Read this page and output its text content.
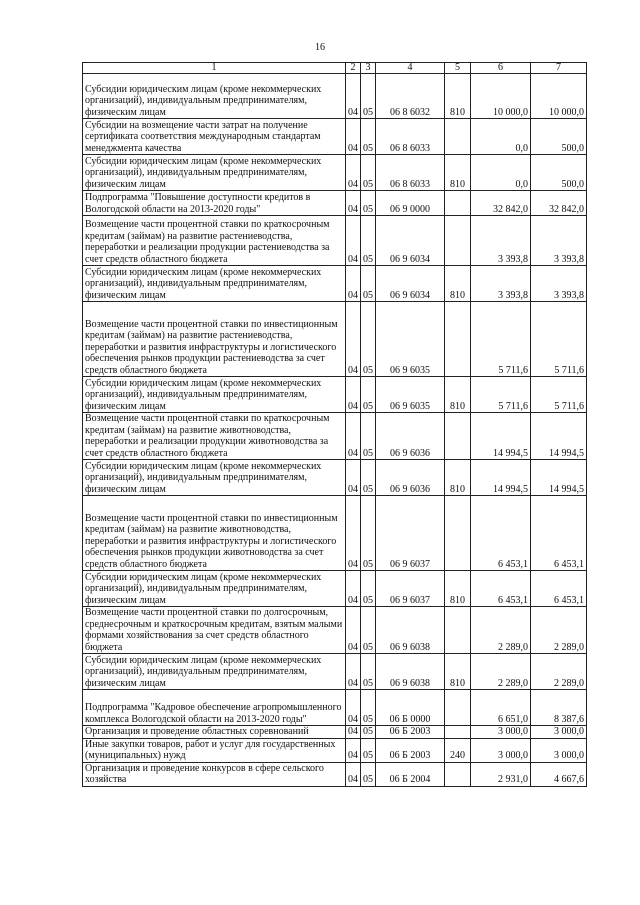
16
1	2	3	4	5	6	7
Субсидии юридическим лицам (кроме некоммерческих организаций), индивидуальным предпринимателям, физическим лицам	04	05	06 8 6032	810	10 000,0	10 000,0
Субсидии на возмещение части затрат на получение сертификата соответствия международным стандартам менеджмента качества	04	05	06 8 6033		0,0	500,0
Субсидии юридическим лицам (кроме некоммерческих организаций), индивидуальным предпринимателям, физическим лицам	04	05	06 8 6033	810	0,0	500,0
Подпрограмма "Повышение доступности кредитов в Вологодской области на 2013-2020 годы"	04	05	06 9 0000		32 842,0	32 842,0
Возмещение части процентной ставки по краткосрочным кредитам (займам) на развитие растениеводства, переработки и реализации продукции растениеводства за счет средств областного бюджета	04	05	06 9 6034		3 393,8	3 393,8
Субсидии юридическим лицам (кроме некоммерческих организаций), индивидуальным предпринимателям, физическим лицам	04	05	06 9 6034	810	3 393,8	3 393,8
Возмещение части процентной ставки по инвестиционным кредитам (займам) на развитие растениеводства, переработки и развития инфраструктуры и логистического обеспечения рынков продукции растениеводства за счет средств областного бюджета	04	05	06 9 6035		5 711,6	5 711,6
Субсидии юридическим лицам (кроме некоммерческих организаций), индивидуальным предпринимателям, физическим лицам	04	05	06 9 6035	810	5 711,6	5 711,6
Возмещение части процентной ставки по краткосрочным кредитам (займам) на развитие животноводства, переработки и реализации продукции животноводства за счет средств областного бюджета	04	05	06 9 6036		14 994,5	14 994,5
Субсидии юридическим лицам (кроме некоммерческих организаций), индивидуальным предпринимателям, физическим лицам	04	05	06 9 6036	810	14 994,5	14 994,5
Возмещение части процентной ставки по инвестиционным кредитам (займам) на развитие животноводства, переработки и развития инфраструктуры и логистического обеспечения рынков продукции животноводства за счет средств областного бюджета	04	05	06 9 6037		6 453,1	6 453,1
Субсидии юридическим лицам (кроме некоммерческих организаций), индивидуальным предпринимателям, физическим лицам	04	05	06 9 6037	810	6 453,1	6 453,1
Возмещение части процентной ставки по долгосрочным, среднесрочным и краткосрочным кредитам, взятым малыми формами хозяйствования за счет средств областного бюджета	04	05	06 9 6038		2 289,0	2 289,0
Субсидии юридическим лицам (кроме некоммерческих организаций), индивидуальным предпринимателям, физическим лицам	04	05	06 9 6038	810	2 289,0	2 289,0
Подпрограмма "Кадровое обеспечение агропромышленного комплекса Вологодской области на 2013-2020 годы"	04	05	06 Б 0000		6 651,0	8 387,6
Организация и проведение областных соревнований	04	05	06 Б 2003		3 000,0	3 000,0
Иные закупки товаров, работ и услуг для государственных (муниципальных) нужд	04	05	06 Б 2003	240	3 000,0	3 000,0
Организация и проведение конкурсов в сфере сельского хозяйства	04	05	06 Б 2004		2 931,0	4 667,6
